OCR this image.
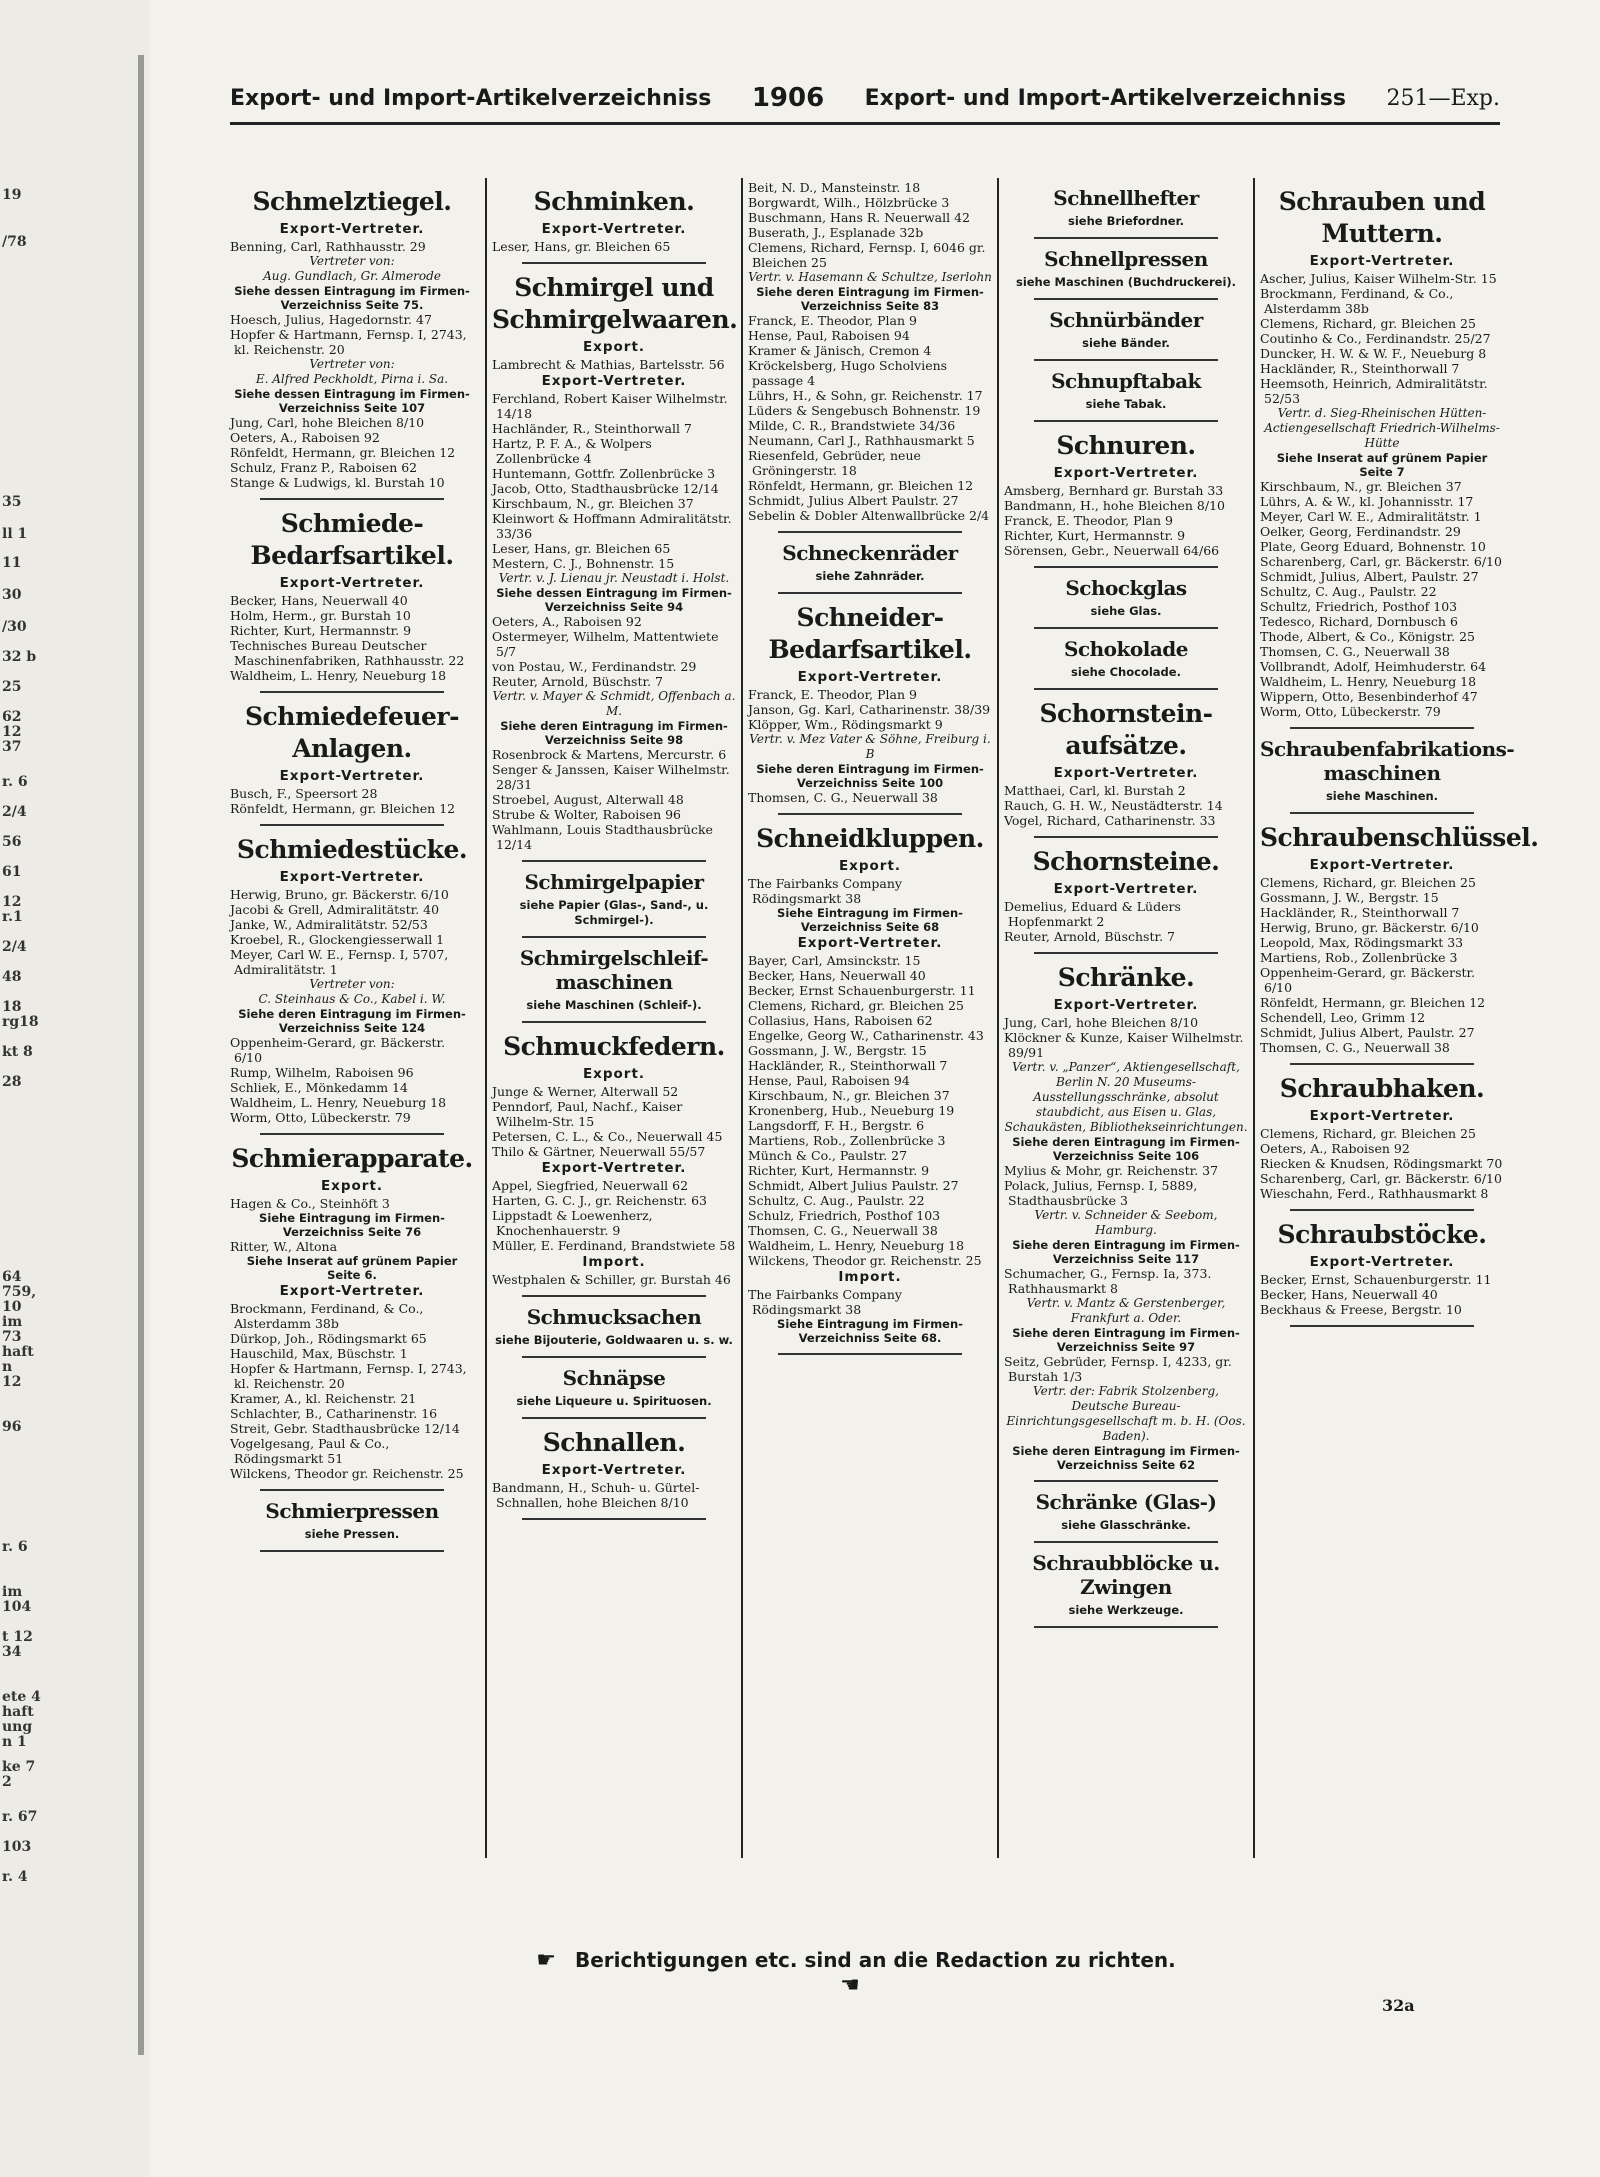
19
/78
35
ll 1
11
30
/30
32 b
25
62
12
37
r. 6
2/4
56
61
12
r.1
2/4
48
18
rg18
kt 8
28
64
759,
10
im
73
haft
n
12
96
r. 6
im
104
t 12
34
ete 4
haft
ung
n 1
ke 7
2
r. 67
103
r. 4
Export- und Import-Artikelverzeichniss 1906 Export- und Import-Artikelverzeichniss 251—Exp.
Schmelztiegel.
Export-Vertreter.
Benning, Carl, Rathhausstr. 29
Vertreter von:
Aug. Gundlach, Gr. Almerode
Siehe dessen Eintragung im Firmen-Verzeichniss Seite 75.
Hoesch, Julius, Hagedornstr. 47
Hopfer & Hartmann, Fernsp. I, 2743, kl. Reichenstr. 20
Vertreter von:
E. Alfred Peckholdt, Pirna i. Sa.
Siehe dessen Eintragung im Firmen-Verzeichniss Seite 107
Jung, Carl, hohe Bleichen 8/10
Oeters, A., Raboisen 92
Rönfeldt, Hermann, gr. Bleichen 12
Schulz, Franz P., Raboisen 62
Stange & Ludwigs, kl. Burstah 10
Schmiede-Bedarfsartikel.
Export-Vertreter.
Becker, Hans, Neuerwall 40
Holm, Herm., gr. Burstah 10
Richter, Kurt, Hermannstr. 9
Technisches Bureau Deutscher Maschinenfabriken, Rathhausstr. 22
Waldheim, L. Henry, Neueburg 18
Schmiedefeuer-Anlagen.
Export-Vertreter.
Busch, F., Speersort 28
Rönfeldt, Hermann, gr. Bleichen 12
Schmiedestücke.
Export-Vertreter.
Herwig, Bruno, gr. Bäckerstr. 6/10
Jacobi & Grell, Admiralitätstr. 40
Janke, W., Admiralitätstr. 52/53
Kroebel, R., Glockengiesserwall 1
Meyer, Carl W. E., Fernsp. I, 5707, Admiralitätstr. 1
Vertreter von:
C. Steinhaus & Co., Kabel i. W.
Siehe deren Eintragung im Firmen-Verzeichniss Seite 124
Oppenheim-Gerard, gr. Bäckerstr. 6/10
Rump, Wilhelm, Raboisen 96
Schliek, E., Mönkedamm 14
Waldheim, L. Henry, Neueburg 18
Worm, Otto, Lübeckerstr. 79
Schmierapparate.
Export.
Hagen & Co., Steinhöft 3
Siehe Eintragung im Firmen-Verzeichniss Seite 76
Ritter, W., Altona
Siehe Inserat auf grünem Papier Seite 6.
Export-Vertreter.
Brockmann, Ferdinand, & Co., Alsterdamm 38b
Dürkop, Joh., Rödingsmarkt 65
Hauschild, Max, Büschstr. 1
Hopfer & Hartmann, Fernsp. I, 2743, kl. Reichenstr. 20
Kramer, A., kl. Reichenstr. 21
Schlachter, B., Catharinenstr. 16
Streit, Gebr. Stadthausbrücke 12/14
Vogelgesang, Paul & Co., Rödingsmarkt 51
Wilckens, Theodor gr. Reichenstr. 25
Schmierpressen
siehe Pressen.
Schminken.
Export-Vertreter.
Leser, Hans, gr. Bleichen 65
Schmirgel und Schmirgelwaaren.
Export.
Lambrecht & Mathias, Bartelsstr. 56
Export-Vertreter.
Ferchland, Robert Kaiser Wilhelmstr. 14/18
Hachländer, R., Steinthorwall 7
Hartz, P. F. A., & Wolpers Zollenbrücke 4
Huntemann, Gottfr. Zollenbrücke 3
Jacob, Otto, Stadthausbrücke 12/14
Kirschbaum, N., gr. Bleichen 37
Kleinwort & Hoffmann Admiralitätstr. 33/36
Leser, Hans, gr. Bleichen 65
Mestern, C. J., Bohnenstr. 15
Vertr. v. J. Lienau jr. Neustadt i. Holst.
Siehe dessen Eintragung im Firmen-Verzeichniss Seite 94
Oeters, A., Raboisen 92
Ostermeyer, Wilhelm, Mattentwiete 5/7
von Postau, W., Ferdinandstr. 29
Reuter, Arnold, Büschstr. 7
Vertr. v. Mayer & Schmidt, Offenbach a. M.
Siehe deren Eintragung im Firmen-Verzeichniss Seite 98
Rosenbrock & Martens, Mercurstr. 6
Senger & Janssen, Kaiser Wilhelmstr. 28/31
Stroebel, August, Alterwall 48
Strube & Wolter, Raboisen 96
Wahlmann, Louis Stadthausbrücke 12/14
Schmirgelpapier
siehe Papier (Glas-, Sand-, u. Schmirgel-).
Schmirgelschleif-maschinen
siehe Maschinen (Schleif-).
Schmuckfedern.
Export.
Junge & Werner, Alterwall 52
Penndorf, Paul, Nachf., Kaiser Wilhelm-Str. 15
Petersen, C. L., & Co., Neuerwall 45
Thilo & Gärtner, Neuerwall 55/57
Export-Vertreter.
Appel, Siegfried, Neuerwall 62
Harten, G. C. J., gr. Reichenstr. 63
Lippstadt & Loewenherz, Knochenhauerstr. 9
Müller, E. Ferdinand, Brandstwiete 58
Import.
Westphalen & Schiller, gr. Burstah 46
Schmucksachen
siehe Bijouterie, Goldwaaren u. s. w.
Schnäpse
siehe Liqueure u. Spirituosen.
Schnallen.
Export-Vertreter.
Bandmann, H., Schuh- u. Gürtel-Schnallen, hohe Bleichen 8/10
Beit, N. D., Mansteinstr. 18
Borgwardt, Wilh., Hölzbrücke 3
Buschmann, Hans R. Neuerwall 42
Buserath, J., Esplanade 32b
Clemens, Richard, Fernsp. I, 6046 gr. Bleichen 25
Vertr. v. Hasemann & Schultze, Iserlohn
Siehe deren Eintragung im Firmen-Verzeichniss Seite 83
Franck, E. Theodor, Plan 9
Hense, Paul, Raboisen 94
Kramer & Jänisch, Cremon 4
Kröckelsberg, Hugo Scholviens passage 4
Lührs, H., & Sohn, gr. Reichenstr. 17
Lüders & Sengebusch Bohnenstr. 19
Milde, C. R., Brandstwiete 34/36
Neumann, Carl J., Rathhausmarkt 5
Riesenfeld, Gebrüder, neue Gröningerstr. 18
Rönfeldt, Hermann, gr. Bleichen 12
Schmidt, Julius Albert Paulstr. 27
Sebelin & Dobler Altenwallbrücke 2/4
Schneckenräder
siehe Zahnräder.
Schneider-Bedarfsartikel.
Export-Vertreter.
Franck, E. Theodor, Plan 9
Janson, Gg. Karl, Catharinenstr. 38/39
Klöpper, Wm., Rödingsmarkt 9
Vertr. v. Mez Vater & Söhne, Freiburg i. B
Siehe deren Eintragung im Firmen-Verzeichniss Seite 100
Thomsen, C. G., Neuerwall 38
Schneidkluppen.
Export.
The Fairbanks Company Rödingsmarkt 38
Siehe Eintragung im Firmen-Verzeichniss Seite 68
Export-Vertreter.
Bayer, Carl, Amsinckstr. 15
Becker, Hans, Neuerwall 40
Becker, Ernst Schauenburgerstr. 11
Clemens, Richard, gr. Bleichen 25
Collasius, Hans, Raboisen 62
Engelke, Georg W., Catharinenstr. 43
Gossmann, J. W., Bergstr. 15
Hackländer, R., Steinthorwall 7
Hense, Paul, Raboisen 94
Kirschbaum, N., gr. Bleichen 37
Kronenberg, Hub., Neueburg 19
Langsdorff, F. H., Bergstr. 6
Martiens, Rob., Zollenbrücke 3
Münch & Co., Paulstr. 27
Richter, Kurt, Hermannstr. 9
Schmidt, Albert Julius Paulstr. 27
Schultz, C. Aug., Paulstr. 22
Schulz, Friedrich, Posthof 103
Thomsen, C. G., Neuerwall 38
Waldheim, L. Henry, Neueburg 18
Wilckens, Theodor gr. Reichenstr. 25
Import.
The Fairbanks Company Rödingsmarkt 38
Siehe Eintragung im Firmen-Verzeichniss Seite 68.
Schnellhefter
siehe Briefordner.
Schnellpressen
siehe Maschinen (Buchdruckerei).
Schnürbänder
siehe Bänder.
Schnupftabak
siehe Tabak.
Schnuren.
Export-Vertreter.
Amsberg, Bernhard gr. Burstah 33
Bandmann, H., hohe Bleichen 8/10
Franck, E. Theodor, Plan 9
Richter, Kurt, Hermannstr. 9
Sörensen, Gebr., Neuerwall 64/66
Schockglas
siehe Glas.
Schokolade
siehe Chocolade.
Schornstein-aufsätze.
Export-Vertreter.
Matthaei, Carl, kl. Burstah 2
Rauch, G. H. W., Neustädterstr. 14
Vogel, Richard, Catharinenstr. 33
Schornsteine.
Export-Vertreter.
Demelius, Eduard & Lüders Hopfenmarkt 2
Reuter, Arnold, Büschstr. 7
Schränke.
Export-Vertreter.
Jung, Carl, hohe Bleichen 8/10
Klöckner & Kunze, Kaiser Wilhelmstr. 89/91
Vertr. v. „Panzer“, Aktiengesellschaft, Berlin N. 20 Museums-Ausstellungsschränke, absolut staubdicht, aus Eisen u. Glas, Schaukästen, Bibliothekseinrichtungen.
Siehe deren Eintragung im Firmen-Verzeichniss Seite 106
Mylius & Mohr, gr. Reichenstr. 37
Polack, Julius, Fernsp. I, 5889, Stadthausbrücke 3
Vertr. v. Schneider & Seebom, Hamburg.
Siehe deren Eintragung im Firmen-Verzeichniss Seite 117
Schumacher, G., Fernsp. Ia, 373. Rathhausmarkt 8
Vertr. v. Mantz & Gerstenberger, Frankfurt a. Oder.
Siehe deren Eintragung im Firmen-Verzeichniss Seite 97
Seitz, Gebrüder, Fernsp. I, 4233, gr. Burstah 1/3
Vertr. der: Fabrik Stolzenberg, Deutsche Bureau-Einrichtungsgesellschaft m. b. H. (Oos. Baden).
Siehe deren Eintragung im Firmen-Verzeichniss Seite 62
Schränke (Glas-)
siehe Glasschränke.
Schraubblöcke u. Zwingen
siehe Werkzeuge.
Schrauben und Muttern.
Export-Vertreter.
Ascher, Julius, Kaiser Wilhelm-Str. 15
Brockmann, Ferdinand, & Co., Alsterdamm 38b
Clemens, Richard, gr. Bleichen 25
Coutinho & Co., Ferdinandstr. 25/27
Duncker, H. W. & W. F., Neueburg 8
Hackländer, R., Steinthorwall 7
Heemsoth, Heinrich, Admiralitätstr. 52/53
Vertr. d. Sieg-Rheinischen Hütten-Actiengesellschaft Friedrich-Wilhelms-Hütte
Siehe Inserat auf grünem Papier Seite 7
Kirschbaum, N., gr. Bleichen 37
Lührs, A. & W., kl. Johannisstr. 17
Meyer, Carl W. E., Admiralitätstr. 1
Oelker, Georg, Ferdinandstr. 29
Plate, Georg Eduard, Bohnenstr. 10
Scharenberg, Carl, gr. Bäckerstr. 6/10
Schmidt, Julius, Albert, Paulstr. 27
Schultz, C. Aug., Paulstr. 22
Schultz, Friedrich, Posthof 103
Tedesco, Richard, Dornbusch 6
Thode, Albert, & Co., Königstr. 25
Thomsen, C. G., Neuerwall 38
Vollbrandt, Adolf, Heimhuderstr. 64
Waldheim, L. Henry, Neueburg 18
Wippern, Otto, Besenbinderhof 47
Worm, Otto, Lübeckerstr. 79
Schraubenfabrikations-maschinen
siehe Maschinen.
Schraubenschlüssel.
Export-Vertreter.
Clemens, Richard, gr. Bleichen 25
Gossmann, J. W., Bergstr. 15
Hackländer, R., Steinthorwall 7
Herwig, Bruno, gr. Bäckerstr. 6/10
Leopold, Max, Rödingsmarkt 33
Martiens, Rob., Zollenbrücke 3
Oppenheim-Gerard, gr. Bäckerstr. 6/10
Rönfeldt, Hermann, gr. Bleichen 12
Schendell, Leo, Grimm 12
Schmidt, Julius Albert, Paulstr. 27
Thomsen, C. G., Neuerwall 38
Schraubhaken.
Export-Vertreter.
Clemens, Richard, gr. Bleichen 25
Oeters, A., Raboisen 92
Riecken & Knudsen, Rödingsmarkt 70
Scharenberg, Carl, gr. Bäckerstr. 6/10
Wieschahn, Ferd., Rathhausmarkt 8
Schraubstöcke.
Export-Vertreter.
Becker, Ernst, Schauenburgerstr. 11
Becker, Hans, Neuerwall 40
Beckhaus & Freese, Bergstr. 10
☛ Berichtigungen etc. sind an die Redaction zu richten. ☚
32a
